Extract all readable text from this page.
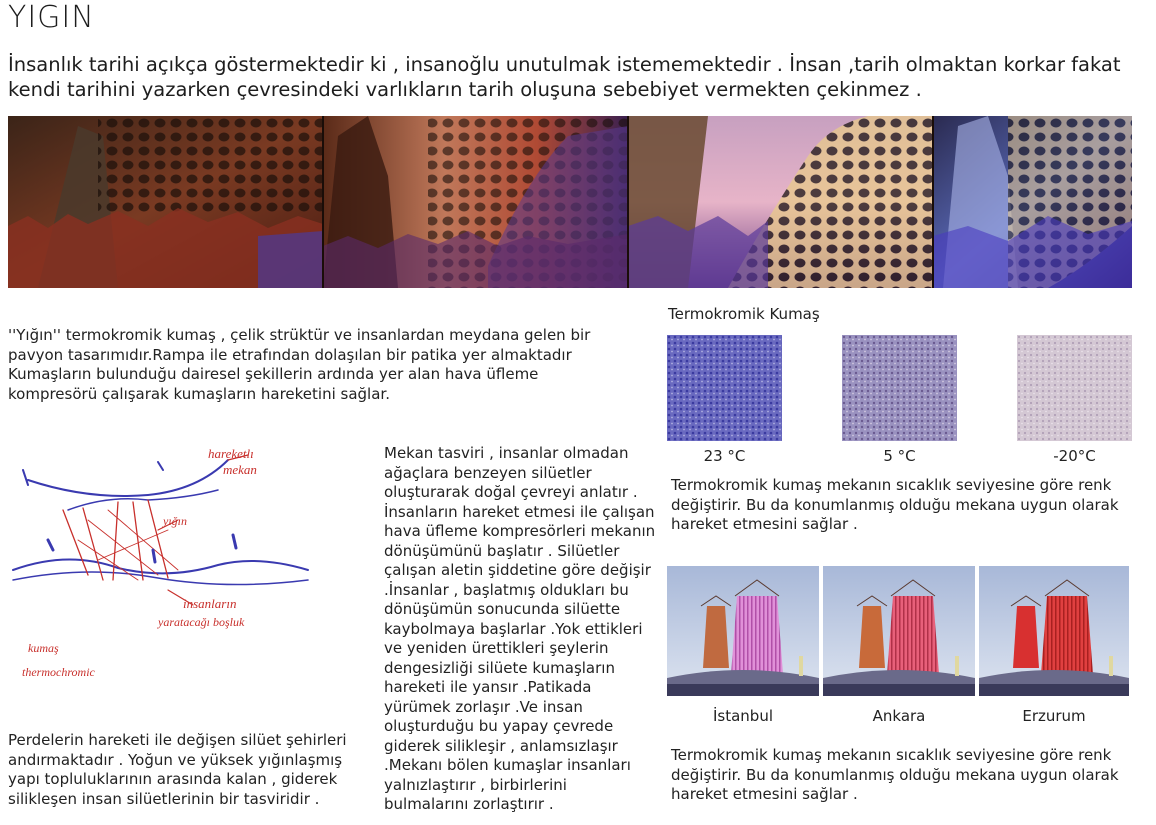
YIGIN
İnsanlık tarihi açıkça göstermektedir ki , insanoğlu unutulmak istememektedir . İnsan ,tarih olmaktan korkar fakat kendi tarihini yazarken çevresindeki varlıkların tarih oluşuna sebebiyet vermekten çekinmez .
''Yığın'' termokromik kumaş , çelik strüktür ve insanlardan meydana gelen bir pavyon tasarımıdır.Rampa ile etrafından dolaşılan bir patika yer almaktadır Kumaşların bulunduğu dairesel şekillerin ardında yer alan hava üfleme kompresörü çalışarak kumaşların hareketini sağlar.
hareketlı
mekan
yığın
insanların
yaratacağı boşluk
kumaş
thermochromic
Mekan tasviri , insanlar olmadan ağaçlara benzeyen silüetler oluşturarak doğal çevreyi anlatır . İnsanların hareket etmesi ile çalışan hava üfleme kompresörleri mekanın dönüşümünü başlatır . Silüetler çalışan aletin şiddetine göre değişir .İnsanlar , başlatmış oldukları bu dönüşümün sonucunda silüette kaybolmaya başlarlar .Yok ettikleri ve yeniden ürettikleri şeylerin dengesizliği silüete kumaşların hareketi ile yansır .Patikada yürümek zorlaşır .Ve insan oluşturduğu bu yapay çevrede giderek silikleşir , anlamsızlaşır .Mekanı bölen kumaşlar insanları yalnızlaştırır , birbirlerini bulmalarını zorlaştırır .
Perdelerin hareketi ile değişen silüet şehirleri andırmaktadır . Yoğun ve yüksek yığınlaşmış yapı topluluklarının arasında kalan , giderek silikleşen insan silüetlerinin bir tasviridir .
Termokromik Kumaş
23 °C	5 °C	-20°C
Termokromik kumaş mekanın sıcaklık seviyesine göre renk değiştirir. Bu da konumlanmış olduğu mekana uygun olarak hareket etmesini sağlar .
İstanbul	Ankara	Erzurum
Termokromik kumaş mekanın sıcaklık seviyesine göre renk değiştirir. Bu da konumlanmış olduğu mekana uygun olarak hareket etmesini sağlar .
